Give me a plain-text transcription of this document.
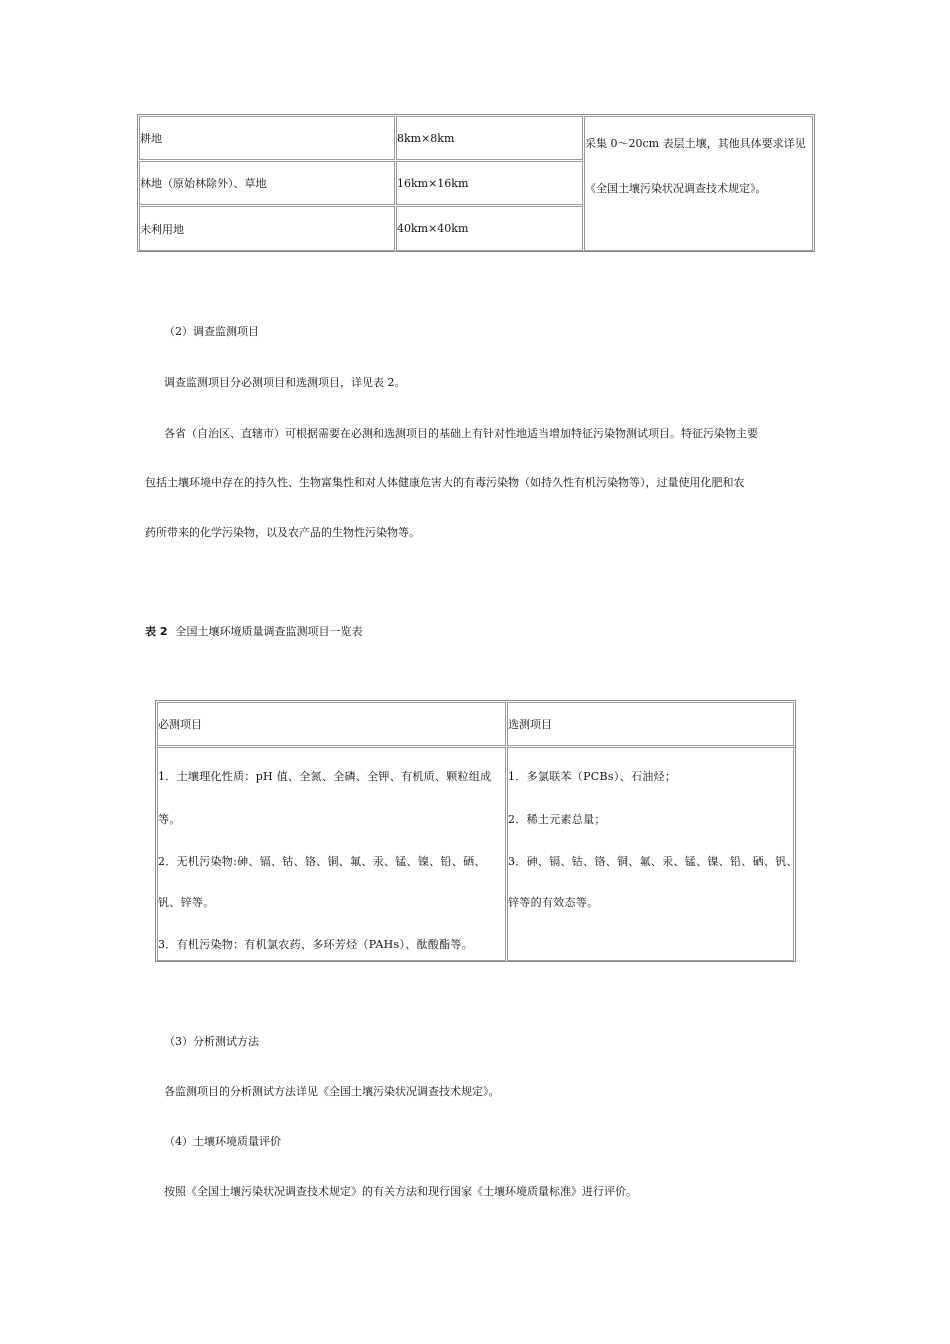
耕地	8km×8km
林地（原始林除外）、草地	16km×16km
未利用地	40km×40km
采集 0～20cm 表层土壤，其他具体要求详见
《全国土壤污染状况调查技术规定》。
（2）调查监测项目
调查监测项目分必测项目和选测项目，详见表 2。
各省（自治区、直辖市）可根据需要在必测和选测项目的基础上有针对性地适当增加特征污染物测试项目。特征污染物主要
包括土壤环境中存在的持久性、生物富集性和对人体健康危害大的有毒污染物（如持久性有机污染物等），过量使用化肥和农
药所带来的化学污染物，以及农产品的生物性污染物等。
表 2 全国土壤环境质量调查监测项目一览表
必测项目	选测项目
1．土壤理化性质：pH 值、全氮、全磷、全钾、有机质、颗粒组成
等。
2．无机污染物:砷、镉、钴、铬、铜、氟、汞、锰、镍、铅、硒、
钒、锌等。
3．有机污染物：有机氯农药、多环芳烃（PAHs）、酞酸酯等。
1．多氯联苯（PCBs）、石油烃；
2．稀土元素总量；
3．砷、镉、钴、铬、铜、氟、汞、锰、镍、铅、硒、钒、
锌等的有效态等。
（3）分析测试方法
各监测项目的分析测试方法详见《全国土壤污染状况调查技术规定》。
（4）土壤环境质量评价
按照《全国土壤污染状况调查技术规定》的有关方法和现行国家《土壤环境质量标准》进行评价。
